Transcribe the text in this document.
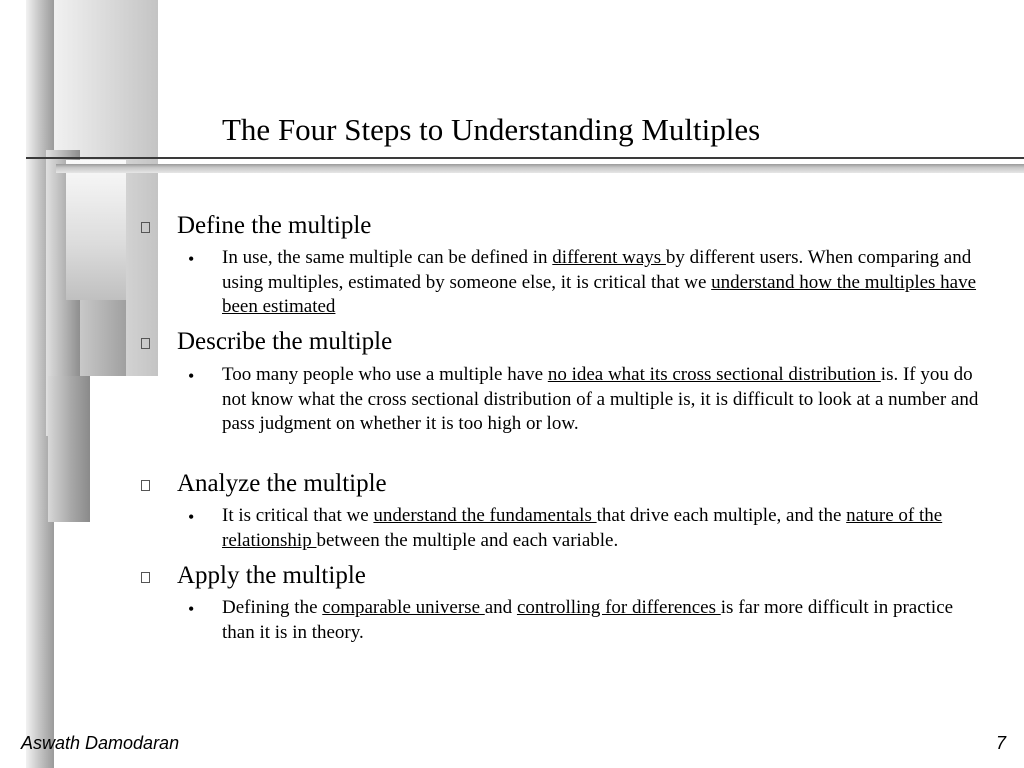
The Four Steps to Understanding Multiples
Define the multiple
• In use, the same multiple can be defined in different ways by different users. When comparing and using multiples, estimated by someone else, it is critical that we understand how the multiples have been estimated
Describe the multiple
• Too many people who use a multiple have no idea what its cross sectional distribution is. If you do not know what the cross sectional distribution of a multiple is, it is difficult to look at a number and pass judgment on whether it is too high or low.
Analyze the multiple
• It is critical that we understand the fundamentals that drive each multiple, and the nature of the relationship between the multiple and each variable.
Apply the multiple
• Defining the comparable universe and controlling for differences is far more difficult in practice than it is in theory.
Aswath Damodaran	7
